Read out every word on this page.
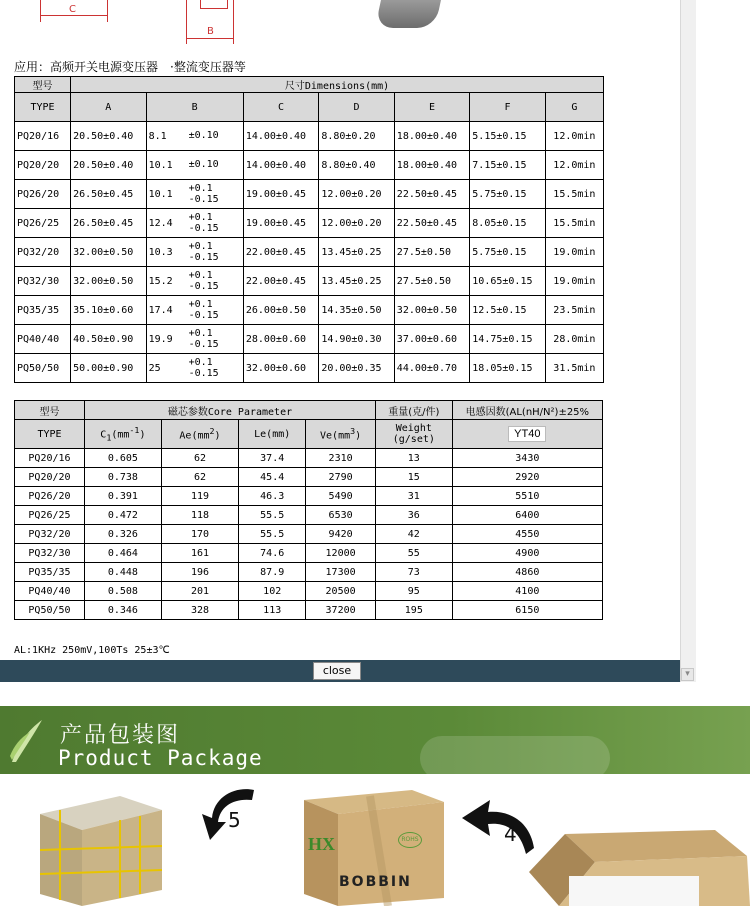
C
B
应用：高频开关电源变压器　·整流变压器等
型号	尺寸Dimensions(mm)						
TYPE	A	B	C	D	E	F	G
PQ20/16	20.50±0.40	8.1 ±0.10	14.00±0.40	8.80±0.20	18.00±0.40	5.15±0.15	12.0min
PQ20/20	20.50±0.40	10.1 ±0.10	14.00±0.40	8.80±0.40	18.00±0.40	7.15±0.15	12.0min
PQ26/20	26.50±0.45	10.1+0.1
-0.15	19.00±0.45	12.00±0.20	22.50±0.45	5.75±0.15	15.5min
PQ26/25	26.50±0.45	12.4+0.1
-0.15	19.00±0.45	12.00±0.20	22.50±0.45	8.05±0.15	15.5min
PQ32/20	32.00±0.50	10.3+0.1
-0.15	22.00±0.45	13.45±0.25	27.5±0.50	5.75±0.15	19.0min
PQ32/30	32.00±0.50	15.2+0.1
-0.15	22.00±0.45	13.45±0.25	27.5±0.50	10.65±0.15	19.0min
PQ35/35	35.10±0.60	17.4+0.1
-0.15	26.00±0.50	14.35±0.50	32.00±0.50	12.5±0.15	23.5min
PQ40/40	40.50±0.90	19.9+0.1
-0.15	28.00±0.60	14.90±0.30	37.00±0.60	14.75±0.15	28.0min
PQ50/50	50.00±0.90	25+0.1
-0.15	32.00±0.60	20.00±0.35	44.00±0.70	18.05±0.15	31.5min
型号	磁芯参数Core Parameter				重量(克/件)	电感因数(AL(nH/N²)±25%
TYPE	$C_1(mm^{-1})$	$Ae(mm^2)$	Le(mm)	$Ve(mm^3)$	Weight
(g/set)	YT40
PQ20/16	0.605	62	37.4	2310	13	3430
PQ20/20	0.738	62	45.4	2790	15	2920
PQ26/20	0.391	119	46.3	5490	31	5510
PQ26/25	0.472	118	55.5	6530	36	6400
PQ32/20	0.326	170	55.5	9420	42	4550
PQ32/30	0.464	161	74.6	12000	55	4900
PQ35/35	0.448	196	87.9	17300	73	4860
PQ40/40	0.508	201	102	20500	95	4100
PQ50/50	0.346	328	113	37200	195	6150
AL:1KHz 250mV,100Ts 25±3℃
close	▾
产品包装图
Product Package
5
HX	ROHS
BOBBIN
4
